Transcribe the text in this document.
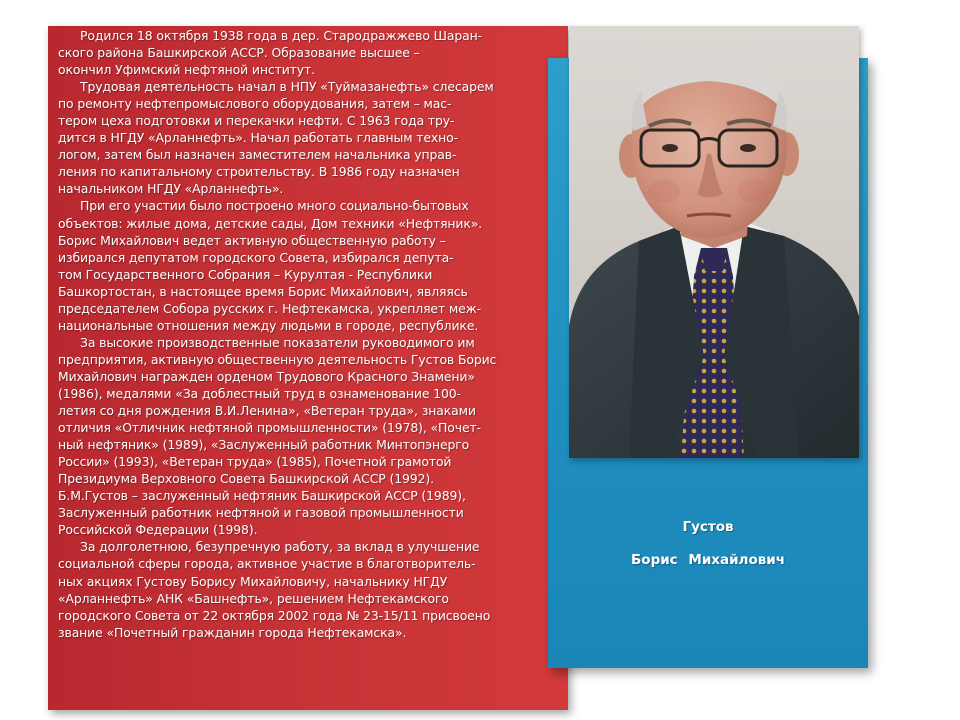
Родился 18 октября 1938 года в дер. Стародражжево Шаран-
ского района Башкирской АССР. Образование высшее –
окончил Уфимский нефтяной институт.
Трудовая деятельность начал в НПУ «Туймазанефть» слесарем
по ремонту нефтепромыслового оборудования, затем – мас-
тером цеха подготовки и перекачки нефти. С 1963 года тру-
дится в НГДУ «Арланнефть». Начал работать главным техно-
логом, затем был назначен заместителем начальника управ-
ления по капитальному строительству. В 1986 году назначен
начальником НГДУ «Арланнефть».
При его участии было построено много социально-бытовых
объектов: жилые дома, детские сады, Дом техники «Нефтяник».
Борис Михайлович ведет активную общественную работу –
избирался депутатом городского Совета, избирался депута-
том Государственного Собрания – Курултая - Республики
Башкортостан, в настоящее время Борис Михайлович, являясь
председателем Собора русских г. Нефтекамска, укрепляет меж-
национальные отношения между людьми в городе, республике.
За высокие производственные показатели руководимого им
предприятия, активную общественную деятельность Густов Борис
Михайлович награжден орденом Трудового Красного Знамени»
(1986), медалями «За доблестный труд в ознаменование 100-
летия со дня рождения В.И.Ленина», «Ветеран труда», знаками
отличия «Отличник нефтяной промышленности» (1978), «Почет-
ный нефтяник» (1989), «Заслуженный работник Минтопэнерго
России» (1993), «Ветеран труда» (1985), Почетной грамотой
Президиума Верховного Совета Башкирской АССР (1992).
Б.М.Густов – заслуженный нефтяник Башкирской АССР (1989),
Заслуженный работник нефтяной и газовой промышленности
Российской Федерации (1998).
За долголетнюю, безупречную работу, за вклад в улучшение
социальной сферы города, активное участие в благотворитель-
ных акциях Густову Борису Михайловичу, начальнику НГДУ
«Арланнефть» АНК «Башнефть», решением Нефтекамского
городского Совета от 22 октября 2002 года № 23-15/11 присвоено
звание «Почетный гражданин города Нефтекамска».
Густов
Борис Михайлович
